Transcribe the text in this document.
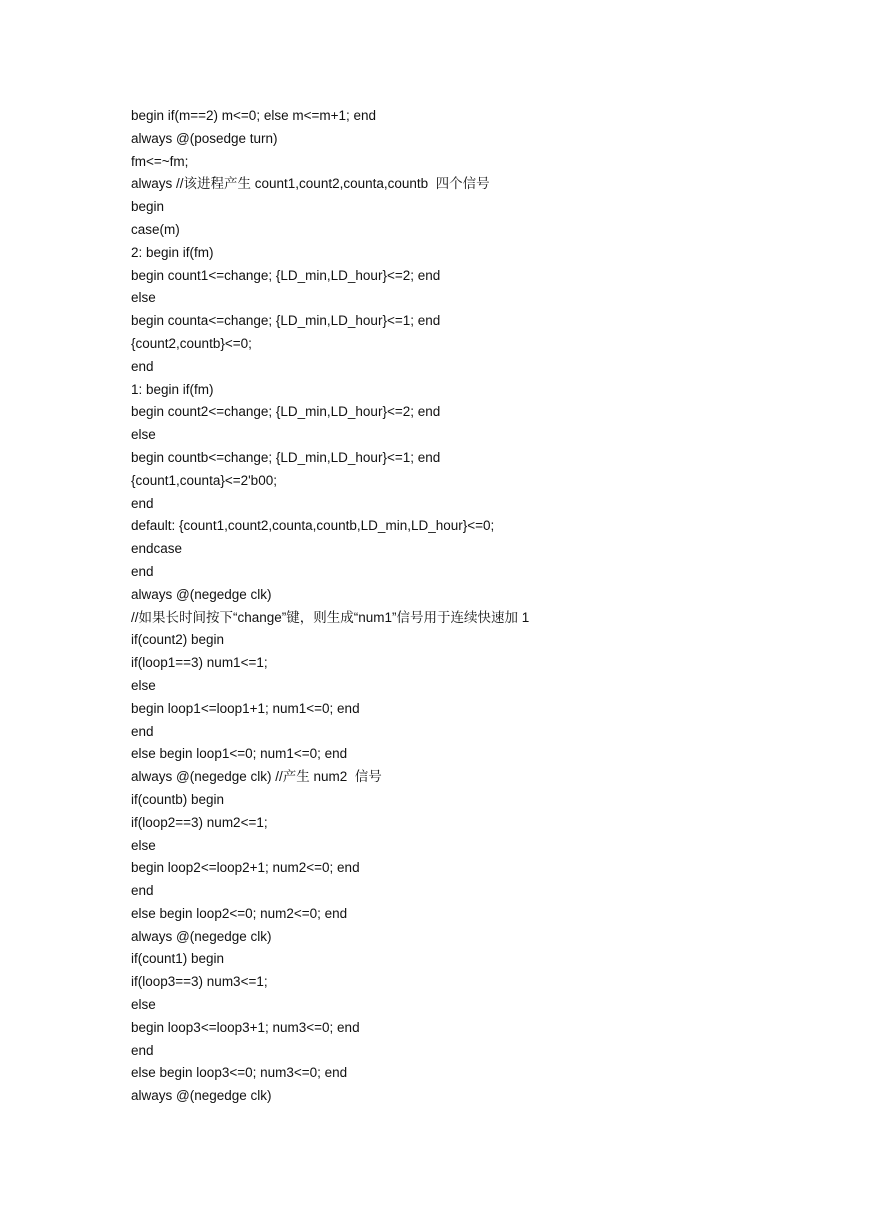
begin if(m==2) m<=0; else m<=m+1; end
always @(posedge turn)
fm<=~fm;
always //该进程产生 count1,count2,counta,countb  四个信号
begin
case(m)
2: begin if(fm)
begin count1<=change; {LD_min,LD_hour}<=2; end
else
begin counta<=change; {LD_min,LD_hour}<=1; end
{count2,countb}<=0;
end
1: begin if(fm)
begin count2<=change; {LD_min,LD_hour}<=2; end
else
begin countb<=change; {LD_min,LD_hour}<=1; end
{count1,counta}<=2'b00;
end
default: {count1,count2,counta,countb,LD_min,LD_hour}<=0;
endcase
end
always @(negedge clk)
//如果长时间按下“change”键，则生成“num1”信号用于连续快速加 1
if(count2) begin
if(loop1==3) num1<=1;
else
begin loop1<=loop1+1; num1<=0; end
end
else begin loop1<=0; num1<=0; end
always @(negedge clk) //产生 num2  信号
if(countb) begin
if(loop2==3) num2<=1;
else
begin loop2<=loop2+1; num2<=0; end
end
else begin loop2<=0; num2<=0; end
always @(negedge clk)
if(count1) begin
if(loop3==3) num3<=1;
else
begin loop3<=loop3+1; num3<=0; end
end
else begin loop3<=0; num3<=0; end
always @(negedge clk)
